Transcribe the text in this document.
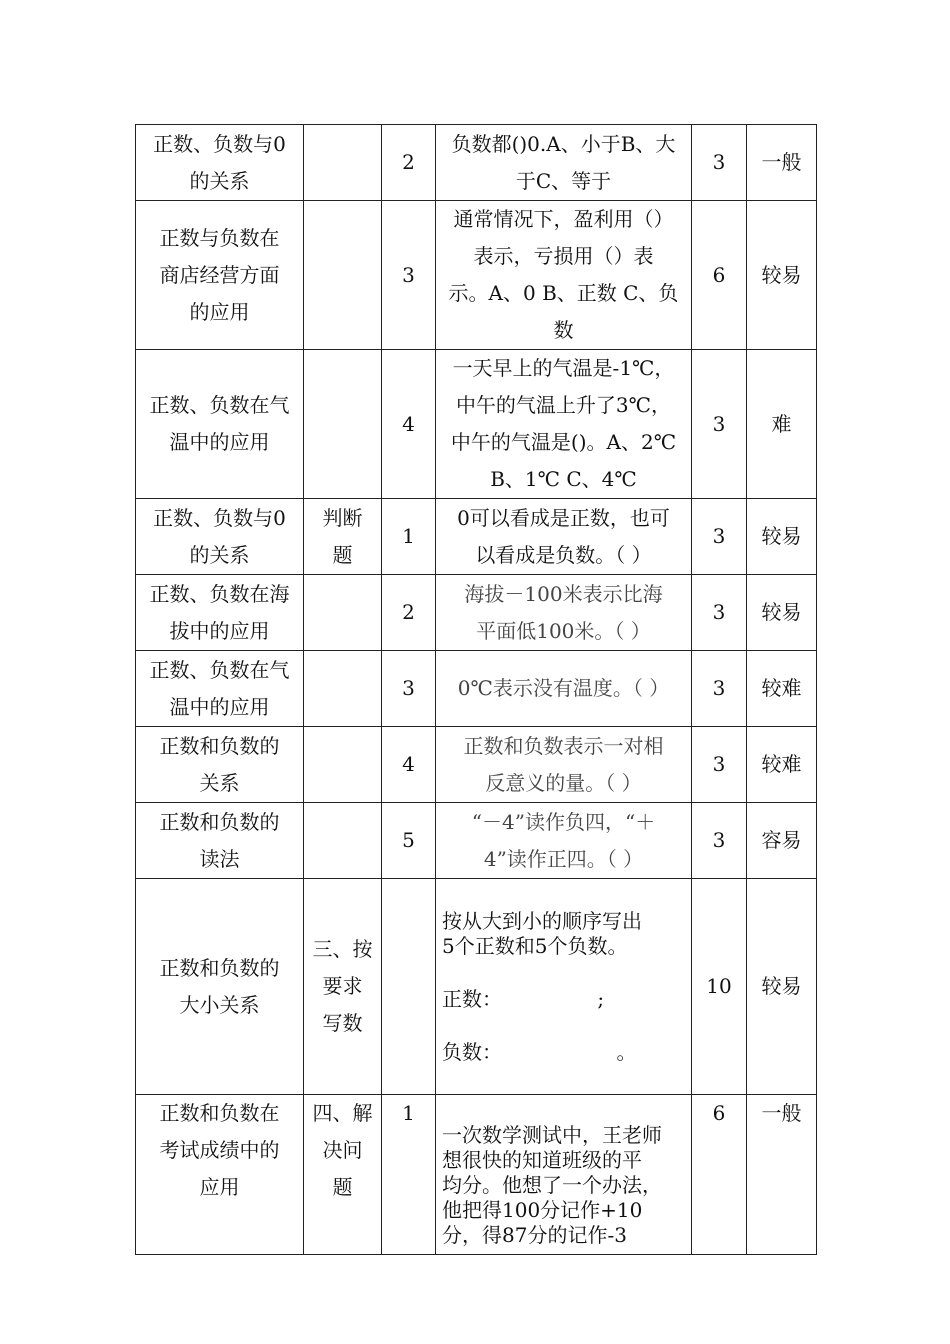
正数、负数与0
的关系		2	负数都()0.A、小于B、大
于C、等于	3	一般

正数与负数在
商店经营方面
的应用		3	通常情况下，盈利用（）
表示，亏损用（）表
示。A、0 B、正数 C、负数	6	较易

正数、负数在气
温中的应用		4	一天早上的气温是-1℃，
中午的气温上升了3℃，
中午的气温是()。A、2℃
B、1℃ C、4℃	3	难

正数、负数与0
的关系	判断
题	1	0可以看成是正数，也可
以看成是负数。（ ）	3	较易

正数、负数在海
拔中的应用		2	海拔－100米表示比海
平面低100米。（ ）	3	较易

正数、负数在气
温中的应用		3	0℃表示没有温度。（ ）	3	较难

正数和负数的
关系		4	正数和负数表示一对相
反意义的量。（ ）	3	较难

正数和负数的
读法		5	“－4”读作负四，“＋
4”读作正四。（ ）	3	容易

正数和负数的
大小关系	三、按
要求
写数		按从大到小的顺序写出
5个正数和5个负数。
正数： ;
负数： 。	10	较易

正数和负数在
考试成绩中的
应用	四、解
决问
题	1	一次数学测试中，王老师
想很快的知道班级的平
均分。他想了一个办法，
他把得100分记作+10
分，得87分的记作-3	6	一般
